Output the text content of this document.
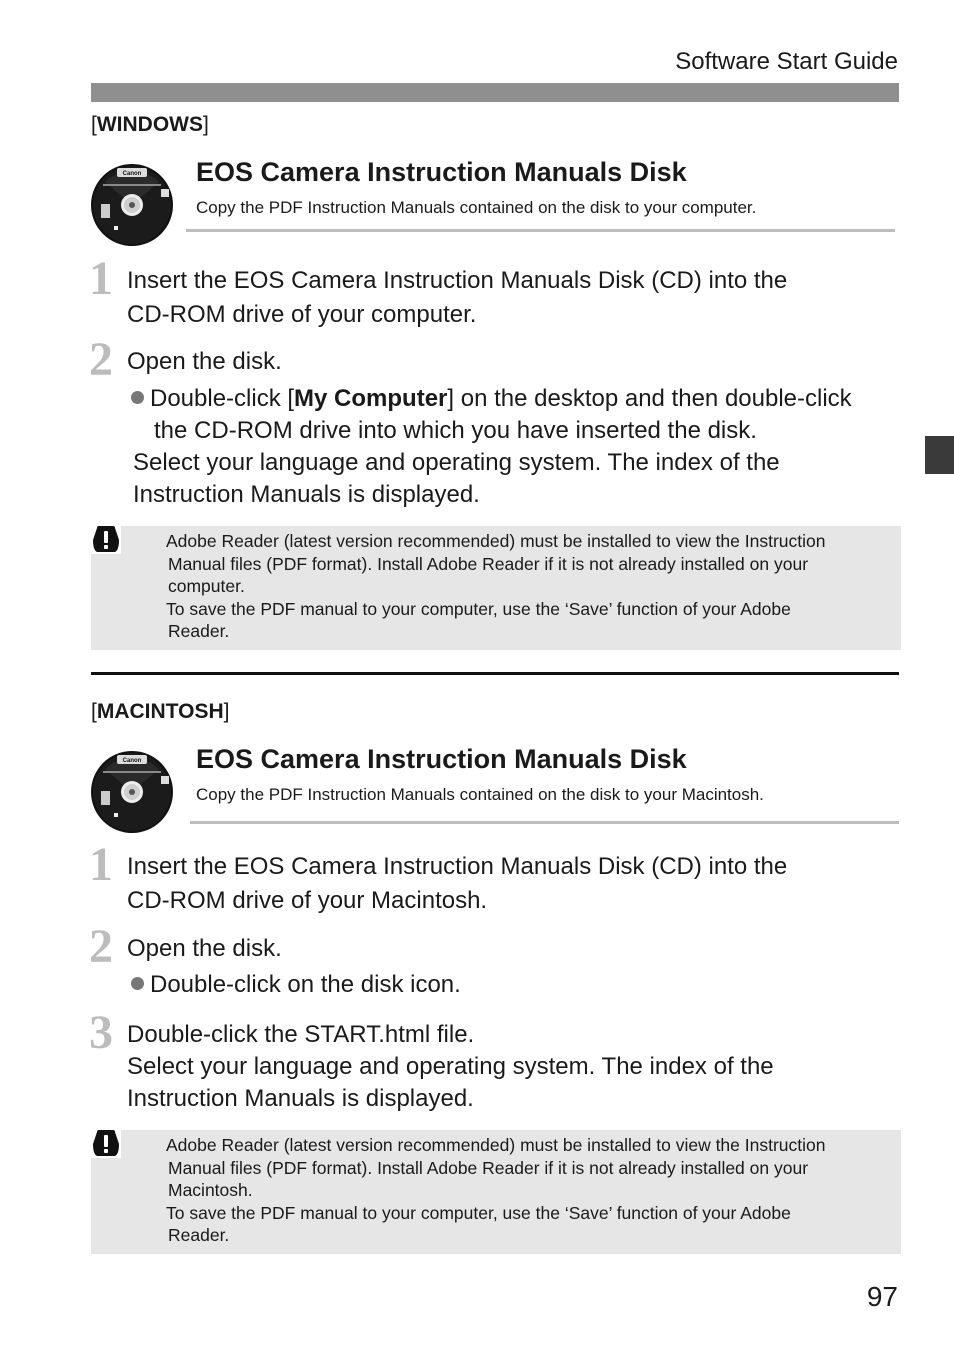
Software Start Guide
[WINDOWS]
Canon EOS Camera Instruction Manuals Disk
Copy the PDF Instruction Manuals contained on the disk to your computer.
1 Insert the EOS Camera Instruction Manuals Disk (CD) into the
CD-ROM drive of your computer.
2 Open the disk.
Double-click [My Computer] on the desktop and then double-click
the CD-ROM drive into which you have inserted the disk.
Select your language and operating system. The index of the
Instruction Manuals is displayed.
Adobe Reader (latest version recommended) must be installed to view the Instruction
Manual files (PDF format). Install Adobe Reader if it is not already installed on your
computer.
To save the PDF manual to your computer, use the ‘Save’ function of your Adobe
Reader.
[MACINTOSH]
Canon EOS Camera Instruction Manuals Disk
Copy the PDF Instruction Manuals contained on the disk to your Macintosh.
1 Insert the EOS Camera Instruction Manuals Disk (CD) into the
CD-ROM drive of your Macintosh.
2 Open the disk.
Double-click on the disk icon.
3 Double-click the START.html file.
Select your language and operating system. The index of the
Instruction Manuals is displayed.
Adobe Reader (latest version recommended) must be installed to view the Instruction
Manual files (PDF format). Install Adobe Reader if it is not already installed on your
Macintosh.
To save the PDF manual to your computer, use the ‘Save’ function of your Adobe
Reader.
97
